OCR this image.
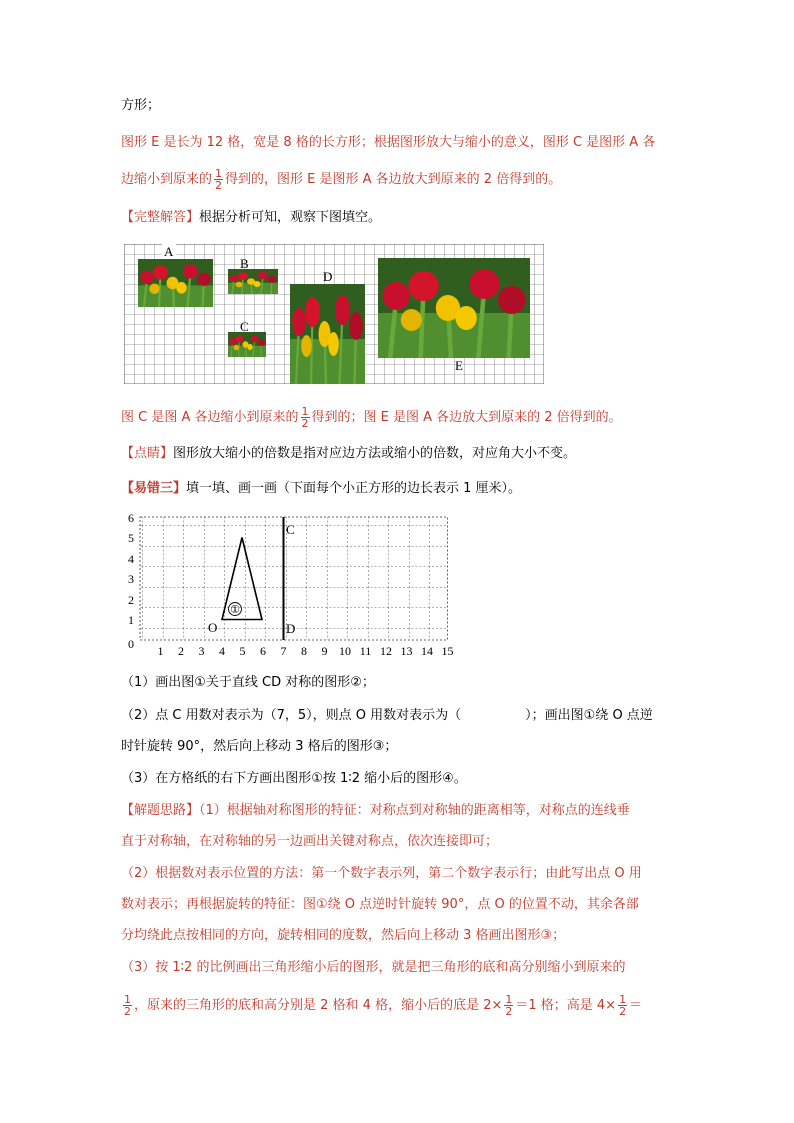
方形；
图形 E 是长为 12 格，宽是 8 格的长方形；根据图形放大与缩小的意义，图形 C 是图形 A 各
边缩小到原来的 $\frac{1}{2}$ 得到的，图形 E 是图形 A 各边放大到原来的 2 倍得到的。
【完整解答】根据分析可知，观察下图填空。
A
B
C
D
E
图 C 是图 A 各边缩小到原来的 $\frac{1}{2}$ 得到的；图 E 是图 A 各边放大到原来的 2 倍得到的。
【点睛】图形放大缩小的倍数是指对应边方法或缩小的倍数，对应角大小不变。
【易错三】填一填、画一画（下面每个小正方形的边长表示 1 厘米）。
①
O
C
D
1 2 3 4 5 6 7 8 9 10 11 12 13 14 15
0
1
2
3
4
5
6
（1）画出图①关于直线 CD 对称的图形②；
（2）点 C 用数对表示为（7，5），则点 O 用数对表示为（	）；画出图①绕 O 点逆
时针旋转 90°，然后向上移动 3 格后的图形③；
（3）在方格纸的右下方画出图形①按 1∶2 缩小后的图形④。
【解题思路】（1）根据轴对称图形的特征：对称点到对称轴的距离相等，对称点的连线垂
直于对称轴，在对称轴的另一边画出关键对称点，依次连接即可；
（2）根据数对表示位置的方法：第一个数字表示列，第二个数字表示行；由此写出点 O 用
数对表示；再根据旋转的特征：图①绕 O 点逆时针旋转 90°，点 O 的位置不动，其余各部
分均绕此点按相同的方向，旋转相同的度数，然后向上移动 3 格画出图形③；
（3）按 1∶2 的比例画出三角形缩小后的图形，就是把三角形的底和高分别缩小到原来的
$\frac{1}{2}$ ，原来的三角形的底和高分别是 2 格和 4 格，缩小后的底是 $2\times \frac{1}{2} =1$ 格；高是 $4\times \frac{1}{2}$ ＝
